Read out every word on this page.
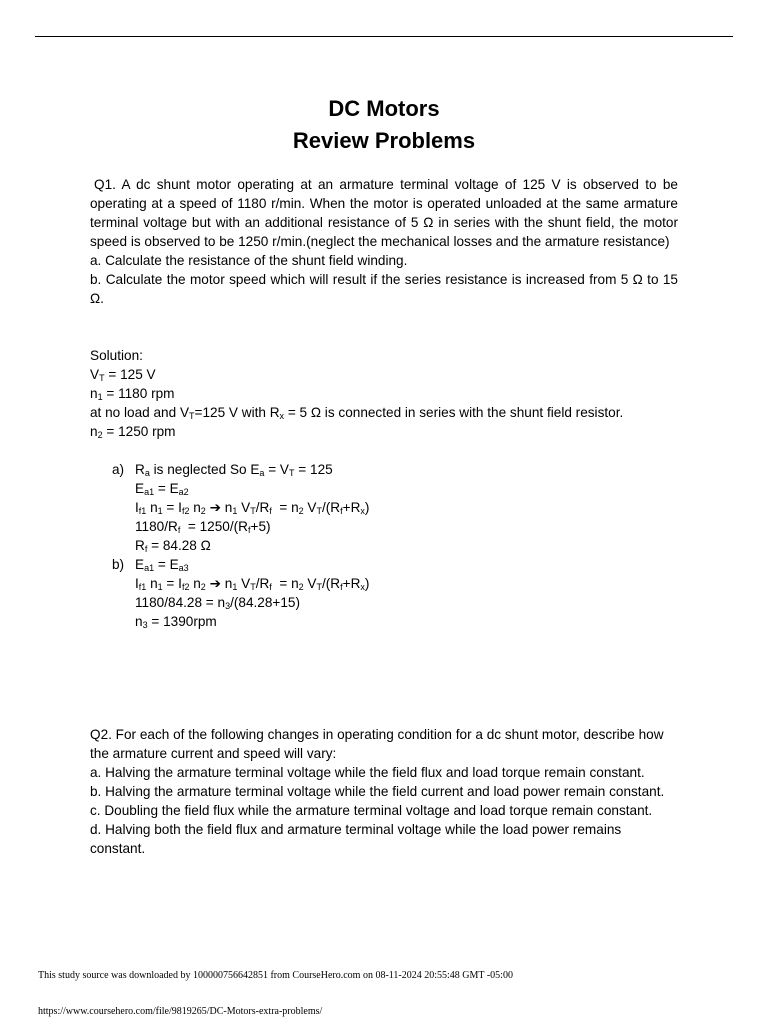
DC Motors
Review Problems

Q1. A dc shunt motor operating at an armature terminal voltage of 125 V is observed to be operating at a speed of 1180 r/min. When the motor is operated unloaded at the same armature terminal voltage but with an additional resistance of 5 Ω in series with the shunt field, the motor speed is observed to be 1250 r/min.(neglect the mechanical losses and the armature resistance)

a. Calculate the resistance of the shunt field winding.

b. Calculate the motor speed which will result if the series resistance is increased from 5 Ω to 15 Ω.

Solution:
$V_T = 125$ V
$n_1 = 1180$ rpm
at no load and $V_T=125$ V with $R_x = 5$ Ω is connected in series with the shunt field resistor.
$n_2 = 1250$ rpm
a) $R_a$ is neglected So $E_a = V_T = 125$
$E_{a1} = E_{a2}$
$I_{f1}$ $n_1 = I_{f2}$ $n_2$ ➔ $n_1$ $V_T/R_f = n_2$ $V_T/(R_f+R_x)$
$1180/R_f = 1250/(R_f+5)$
$R_f = 84.28$ Ω
b) $E_{a1} = E_{a3}$
$I_{f1}$ $n_1 = I_{f2}$ $n_2$ ➔ $n_1$ $V_T/R_f = n_2$ $V_T/(R_f+R_x)$
$1180/84.28 = n_3/(84.28+15)$
$n_3 = 1390rpm$

Q2. For each of the following changes in operating condition for a dc shunt motor, describe how the armature current and speed will vary:

a. Halving the armature terminal voltage while the field flux and load torque remain constant.

b. Halving the armature terminal voltage while the field current and load power remain constant.

c. Doubling the field flux while the armature terminal voltage and load torque remain constant.

d. Halving both the field flux and armature terminal voltage while the load power remains constant.

This study source was downloaded by 100000756642851 from CourseHero.com on 08-11-2024 20:55:48 GMT -05:00
https://www.coursehero.com/file/9819265/DC-Motors-extra-problems/
